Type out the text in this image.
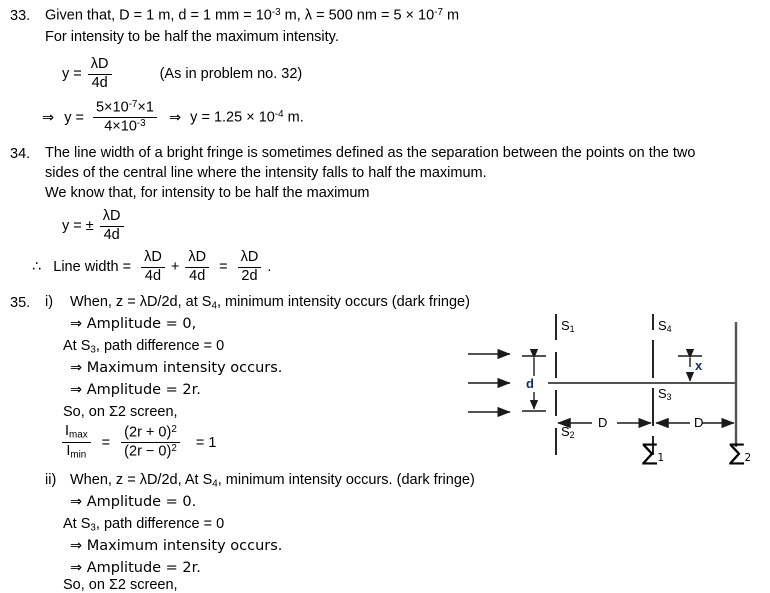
33. Given that, D = 1 m, d = 1 mm = $10^{-3}$ m, λ = 500 nm = $5 \times 10^{-7}$ m
For intensity to be half the maximum intensity.
$y = \frac{\lambda D}{4d}$	(As in problem no. 32)
⇒ $y = \frac{5\times 10^{-7}\times 1}{4\times 10^{-3}}$ ⇒ $y = 1.25 \times 10^{-4}$ m.
34. The line width of a bright fringe is sometimes defined as the separation between the points on the two
sides of the central line where the intensity falls to half the maximum.
We know that, for intensity to be half the maximum
y = ± $\frac{\lambda D}{4d}$
∴ Line width = $\frac{\lambda D}{4d} + \frac{\lambda D}{4d} = \frac{\lambda D}{2d}$ .
35. i) When, z = λD/2d, at $S_4$, minimum intensity occurs (dark fringe)
⇒ Amplitude = 0,
At $S_3$, path difference = 0
⇒ Maximum intensity occurs.
⇒ Amplitude = 2r.
So, on Σ2 screen,
$\frac{I_{max}}{I_{min}} = \frac{(2r + 0)^2}{(2r - 0)^2} = 1$
ii) When, z = λD/2d, At $S_4$, minimum intensity occurs. (dark fringe)
⇒ Amplitude = 0.
At $S_3$, path difference = 0
⇒ Maximum intensity occurs.
⇒ Amplitude = 2r.
So, on Σ2 screen,
$S_1$
$S_2$
$S_4$
$S_3$
d
x
D	D
$\sum_1$	$\sum_2$
